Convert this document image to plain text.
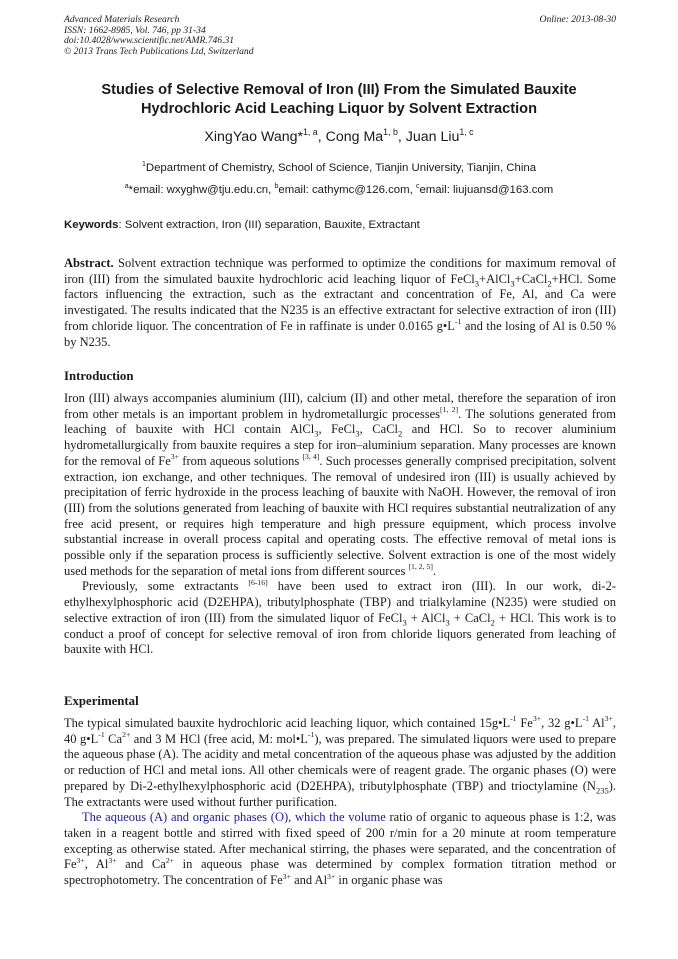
Advanced Materials Research
ISSN: 1662-8985, Vol. 746, pp 31-34
doi:10.4028/www.scientific.net/AMR.746.31
© 2013 Trans Tech Publications Ltd, Switzerland
Online: 2013-08-30
Studies of Selective Removal of Iron (III) From the Simulated Bauxite
Hydrochloric Acid Leaching Liquor by Solvent Extraction
XingYao Wang*$^{1, a}$, Cong Ma$^{1, b}$, Juan Liu$^{1, c}$
$^1$Department of Chemistry, School of Science, Tianjin University, Tianjin, China
$^a$*email: wxyghw@tju.edu.cn, $^b$email: cathymc@126.com, $^c$email: liujuansd@163.com
Keywords: Solvent extraction, Iron (III) separation, Bauxite, Extractant

Abstract. Solvent extraction technique was performed to optimize the conditions for maximum removal of iron (III) from the simulated bauxite hydrochloric acid leaching liquor of FeCl$_3$+AlCl$_3$+CaCl$_2$+HCl. Some factors influencing the extraction, such as the extractant and concentration of Fe, Al, and Ca were investigated. The results indicated that the N235 is an effective extractant for selective extraction of iron (III) from chloride liquor. The concentration of Fe in raffinate is under 0.0165 $g•L^{-1}$ and the losing of Al is 0.50 % by N235.

Introduction

Iron (III) always accompanies aluminium (III), calcium (II) and other metal, therefore the separation of iron from other metals is an important problem in hydrometallurgic processes[1, 2]. The solutions generated from leaching of bauxite with HCl contain AlCl$_3$, FeCl$_3$, CaCl$_2$ and HCl. So to recover aluminium hydrometallurgically from bauxite requires a step for iron–aluminium separation. Many processes are known for the removal of $Fe^{3+}$ from aqueous solutions [3, 4]. Such processes generally comprised precipitation, solvent extraction, ion exchange, and other techniques. The removal of undesired iron (III) is usually achieved by precipitation of ferric hydroxide in the process leaching of bauxite with NaOH. However, the removal of iron (III) from the solutions generated from leaching of bauxite with HCl requires substantial neutralization of any free acid present, or requires high temperature and high pressure equipment, which process involve substantial increase in overall process capital and operating costs. The effective removal of metal ions is possible only if the separation process is sufficiently selective. Solvent extraction is one of the most widely used methods for the separation of metal ions from different sources [1, 2, 5].

Previously, some extractants [6-16] have been used to extract iron (III). In our work, di-2-ethylhexylphosphoric acid (D2EHPA), tributylphosphate (TBP) and trialkylamine (N235) were studied on selective extraction of iron (III) from the simulated liquor of FeCl$_3$ + AlCl$_3$ + CaCl$_2$ + HCl. This work is to conduct a proof of concept for selective removal of iron from chloride liquors generated from leaching of bauxite with HCl.

Experimental

The typical simulated bauxite hydrochloric acid leaching liquor, which contained $15g•L^{-1}$ $Fe^{3+}$, 32 $g•L^{-1}$ $Al^{3+}$, 40 $g•L^{-1}$ $Ca^{2+}$ and 3 M HCl (free acid, M: $mol•L^{-1}$), was prepared. The simulated liquors were used to prepare the aqueous phase (A). The acidity and metal concentration of the aqueous phase was adjusted by the addition or reduction of HCl and metal ions. All other chemicals were of reagent grade. The organic phases (O) were prepared by Di-2-ethylhexylphosphoric acid (D2EHPA), tributylphosphate (TBP) and trioctylamine $(N_{235})$. The extractants were used without further purification.

The aqueous (A) and organic phases (O), which the volume ratio of organic to aqueous phase is 1:2, was taken in a reagent bottle and stirred with fixed speed of 200 r/min for a 20 minute at room temperature excepting as otherwise stated. After mechanical stirring, the phases were separated, and the concentration of $Fe^{3+}$, $Al^{3+}$ and $Ca^{2+}$ in aqueous phase was determined by complex formation titration method or spectrophotometry. The concentration of $Fe^{3+}$ and $Al^{3+}$ in organic phase was
